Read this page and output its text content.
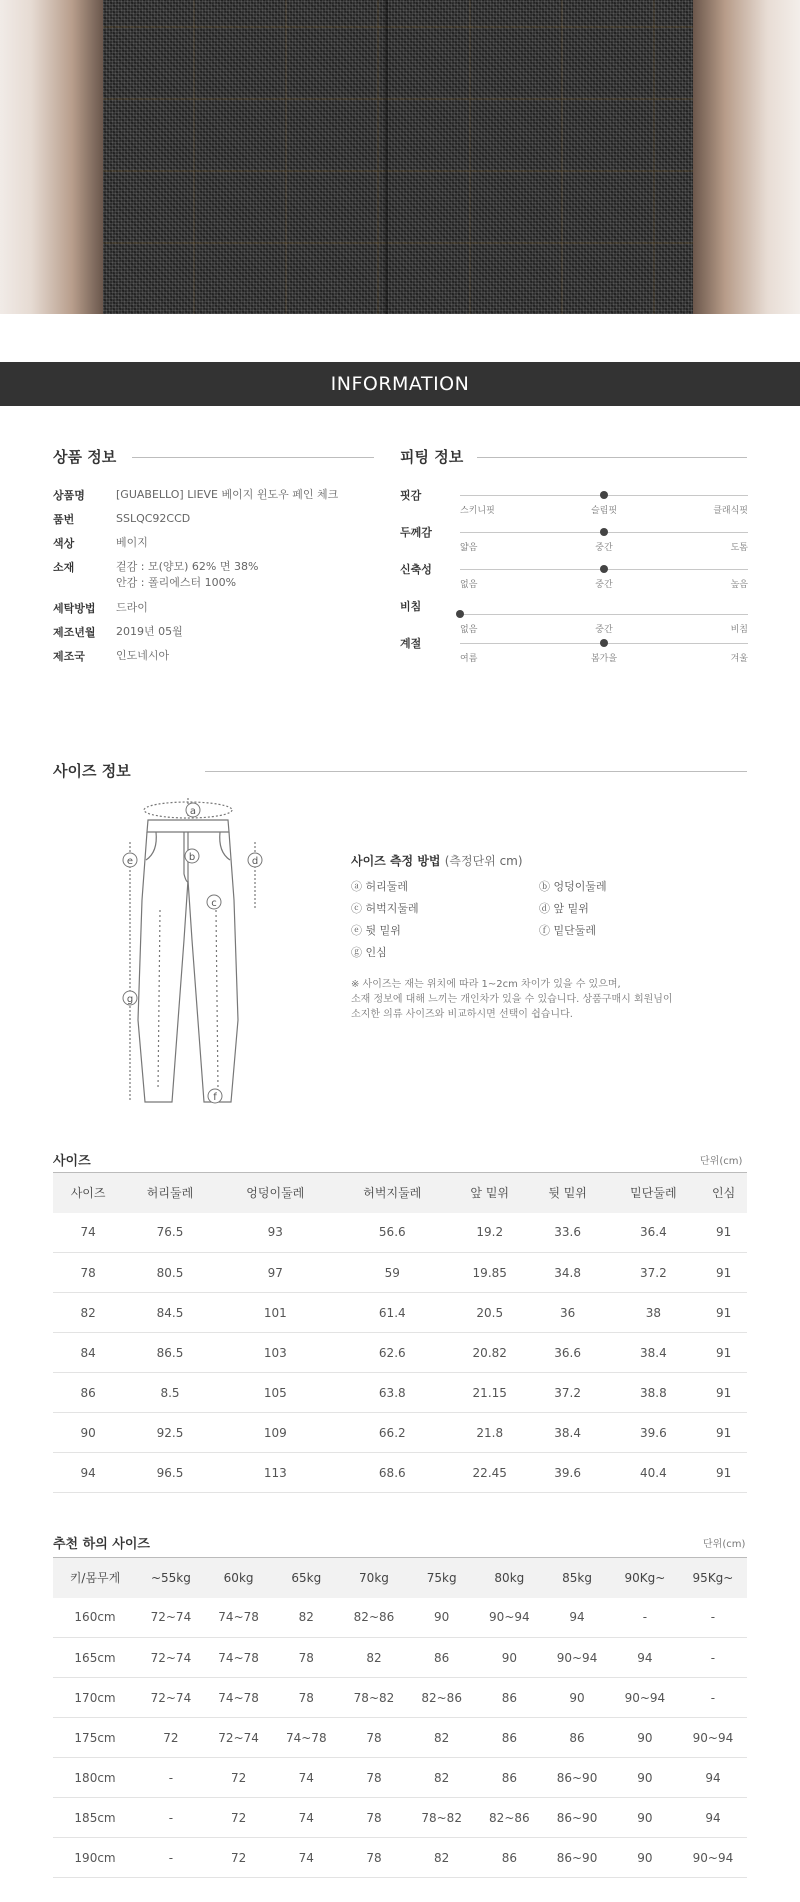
INFORMATION
상품 정보
상품명	[GUABELLO] LIEVE 베이지 윈도우 페인 체크
품번	SSLQC92CCD
색상	베이지
소재	겉감 : 모(양모) 62% 면 38%
안감 : 폴리에스터 100%
세탁방법	드라이
제조년월	2019년 05월
제조국	인도네시아
피팅 정보
핏감
스키니핏	슬림핏	클래식핏
두께감
얇음	중간	도톰
신축성
없음	중간	높음
비침
없음	중간	비침
계절
여름	봄가을	겨울
사이즈 정보
a
b
c
d
e
f
g
사이즈 측정 방법 (측정단위 cm)
ⓐ 허리둘레	ⓑ 엉덩이둘레
ⓒ 허벅지둘레	ⓓ 앞 밑위
ⓔ 뒷 밑위	ⓕ 밑단둘레
ⓖ 인심
※ 사이즈는 재는 위치에 따라 1~2cm 차이가 있을 수 있으며,
소재 정보에 대해 느끼는 개인차가 있을 수 있습니다. 상품구매시 회원님이
소지한 의류 사이즈와 비교하시면 선택이 쉽습니다.
사이즈	단위(cm)
사이즈	허리둘레	엉덩이둘레	허벅지둘레	앞 밑위	뒷 밑위	밑단둘레	인심
74	76.5	93	56.6	19.2	33.6	36.4	91
78	80.5	97	59	19.85	34.8	37.2	91
82	84.5	101	61.4	20.5	36	38	91
84	86.5	103	62.6	20.82	36.6	38.4	91
86	8.5	105	63.8	21.15	37.2	38.8	91
90	92.5	109	66.2	21.8	38.4	39.6	91
94	96.5	113	68.6	22.45	39.6	40.4	91
추천 하의 사이즈	단위(cm)
키/몸무게	~55kg	60kg	65kg	70kg	75kg	80kg	85kg	90Kg~	95Kg~
160cm	72~74	74~78	82	82~86	90	90~94	94	-	-
165cm	72~74	74~78	78	82	86	90	90~94	94	-
170cm	72~74	74~78	78	78~82	82~86	86	90	90~94	-
175cm	72	72~74	74~78	78	82	86	86	90	90~94
180cm	-	72	74	78	82	86	86~90	90	94
185cm	-	72	74	78	78~82	82~86	86~90	90	94
190cm	-	72	74	78	82	86	86~90	90	90~94
